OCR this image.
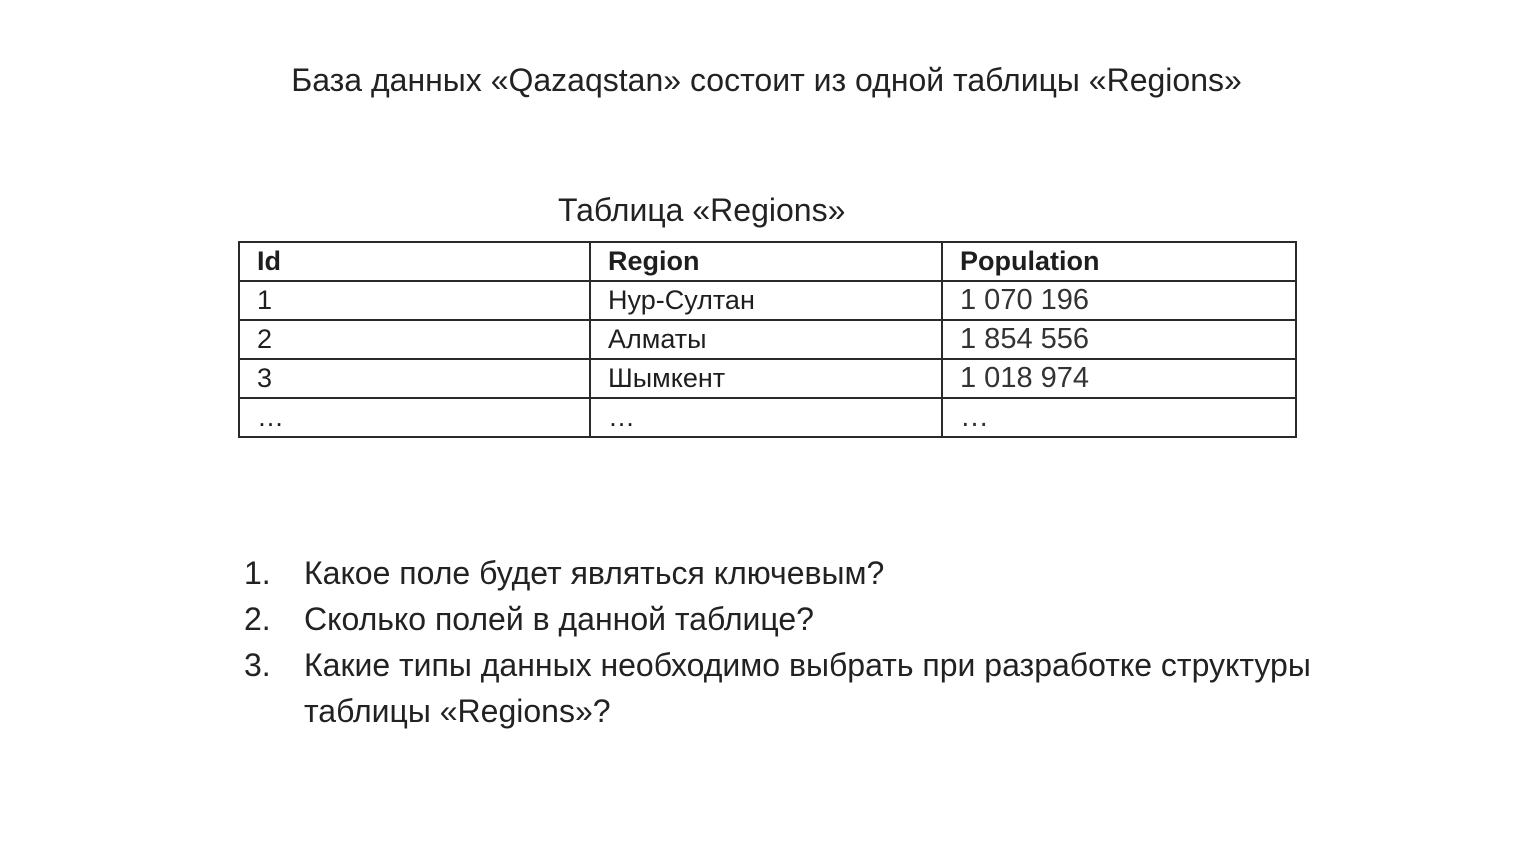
База данных «Qazaqstan» состоит из одной таблицы «Regions»
Таблица «Regions»
Id	Region	Population
1	Нур-Султан	1 070 196
2	Алматы	1 854 556
3	Шымкент	1 018 974
…	…	…
1.	Какое поле будет являться ключевым?
2.	Сколько полей в данной таблице?
3.	Какие типы данных необходимо выбрать при разработке структуры таблицы «Regions»?
